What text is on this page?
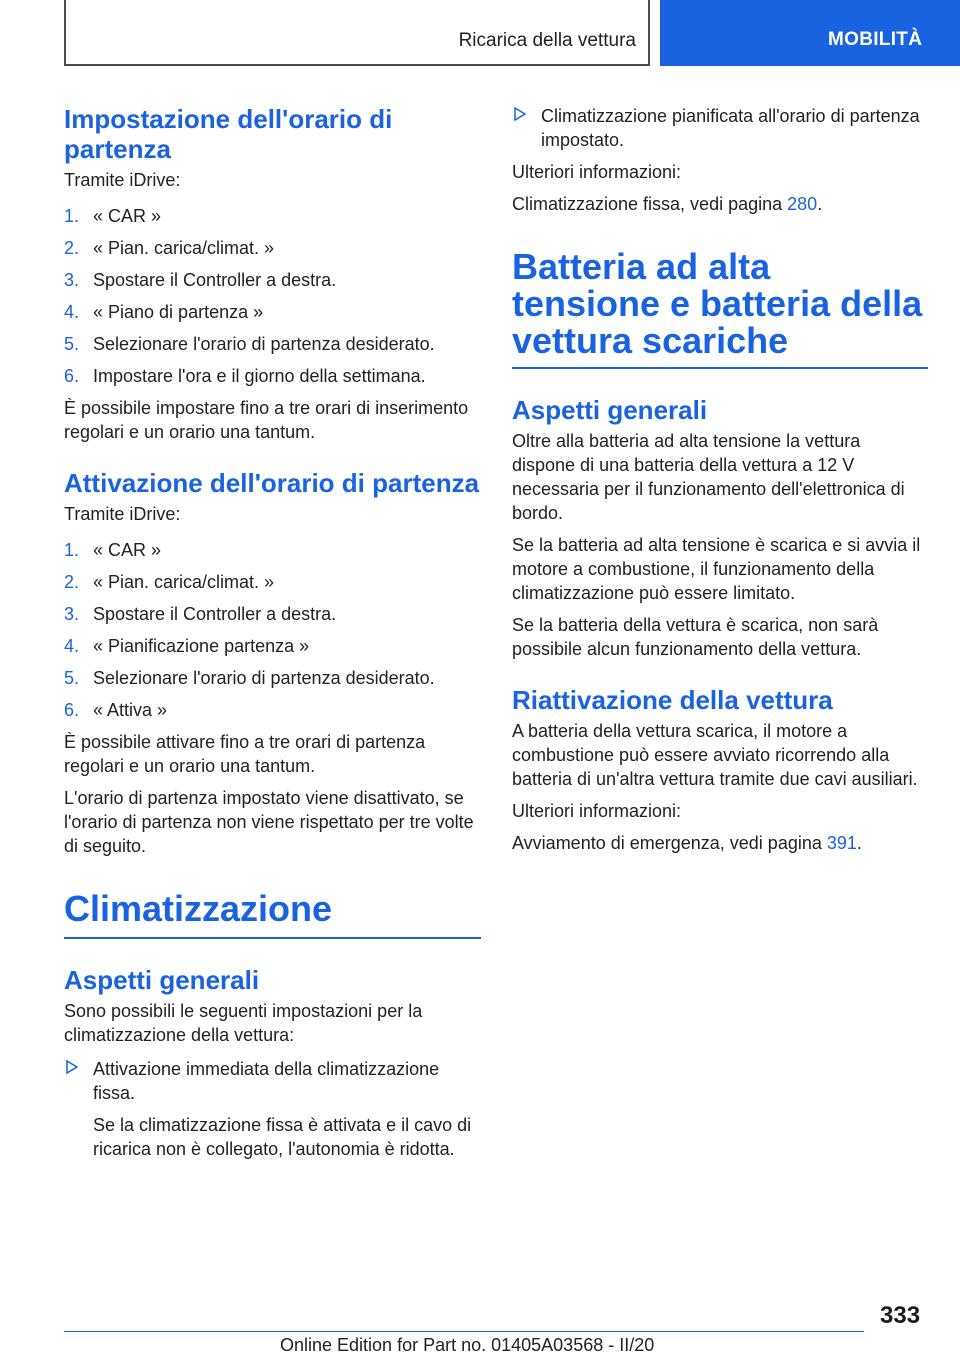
Ricarica della vettura	MOBILITÀ
Impostazione dell'orario di partenza
Tramite iDrive:
1. « CAR »
2. « Pian. carica/climat. »
3. Spostare il Controller a destra.
4. « Piano di partenza »
5. Selezionare l'orario di partenza desiderato.
6. Impostare l'ora e il giorno della settimana.
È possibile impostare fino a tre orari di inserimento regolari e un orario una tantum.
Attivazione dell'orario di partenza
Tramite iDrive:
1. « CAR »
2. « Pian. carica/climat. »
3. Spostare il Controller a destra.
4. « Pianificazione partenza »
5. Selezionare l'orario di partenza desiderato.
6. « Attiva »
È possibile attivare fino a tre orari di partenza regolari e un orario una tantum.
L'orario di partenza impostato viene disattivato, se l'orario di partenza non viene rispettato per tre volte di seguito.
Climatizzazione
Aspetti generali
Sono possibili le seguenti impostazioni per la climatizzazione della vettura:
Attivazione immediata della climatizzazione fissa.
Se la climatizzazione fissa è attivata e il cavo di ricarica non è collegato, l'autonomia è ridotta.
Climatizzazione pianificata all'orario di partenza impostato.
Ulteriori informazioni:
Climatizzazione fissa, vedi pagina 280.
Batteria ad alta tensione e batteria della vettura scariche
Aspetti generali
Oltre alla batteria ad alta tensione la vettura dispone di una batteria della vettura a 12 V necessaria per il funzionamento dell'elettronica di bordo.
Se la batteria ad alta tensione è scarica e si avvia il motore a combustione, il funzionamento della climatizzazione può essere limitato.
Se la batteria della vettura è scarica, non sarà possibile alcun funzionamento della vettura.
Riattivazione della vettura
A batteria della vettura scarica, il motore a combustione può essere avviato ricorrendo alla batteria di un'altra vettura tramite due cavi ausiliari.
Ulteriori informazioni:
Avviamento di emergenza, vedi pagina 391.
333
Online Edition for Part no. 01405A03568 - II/20
